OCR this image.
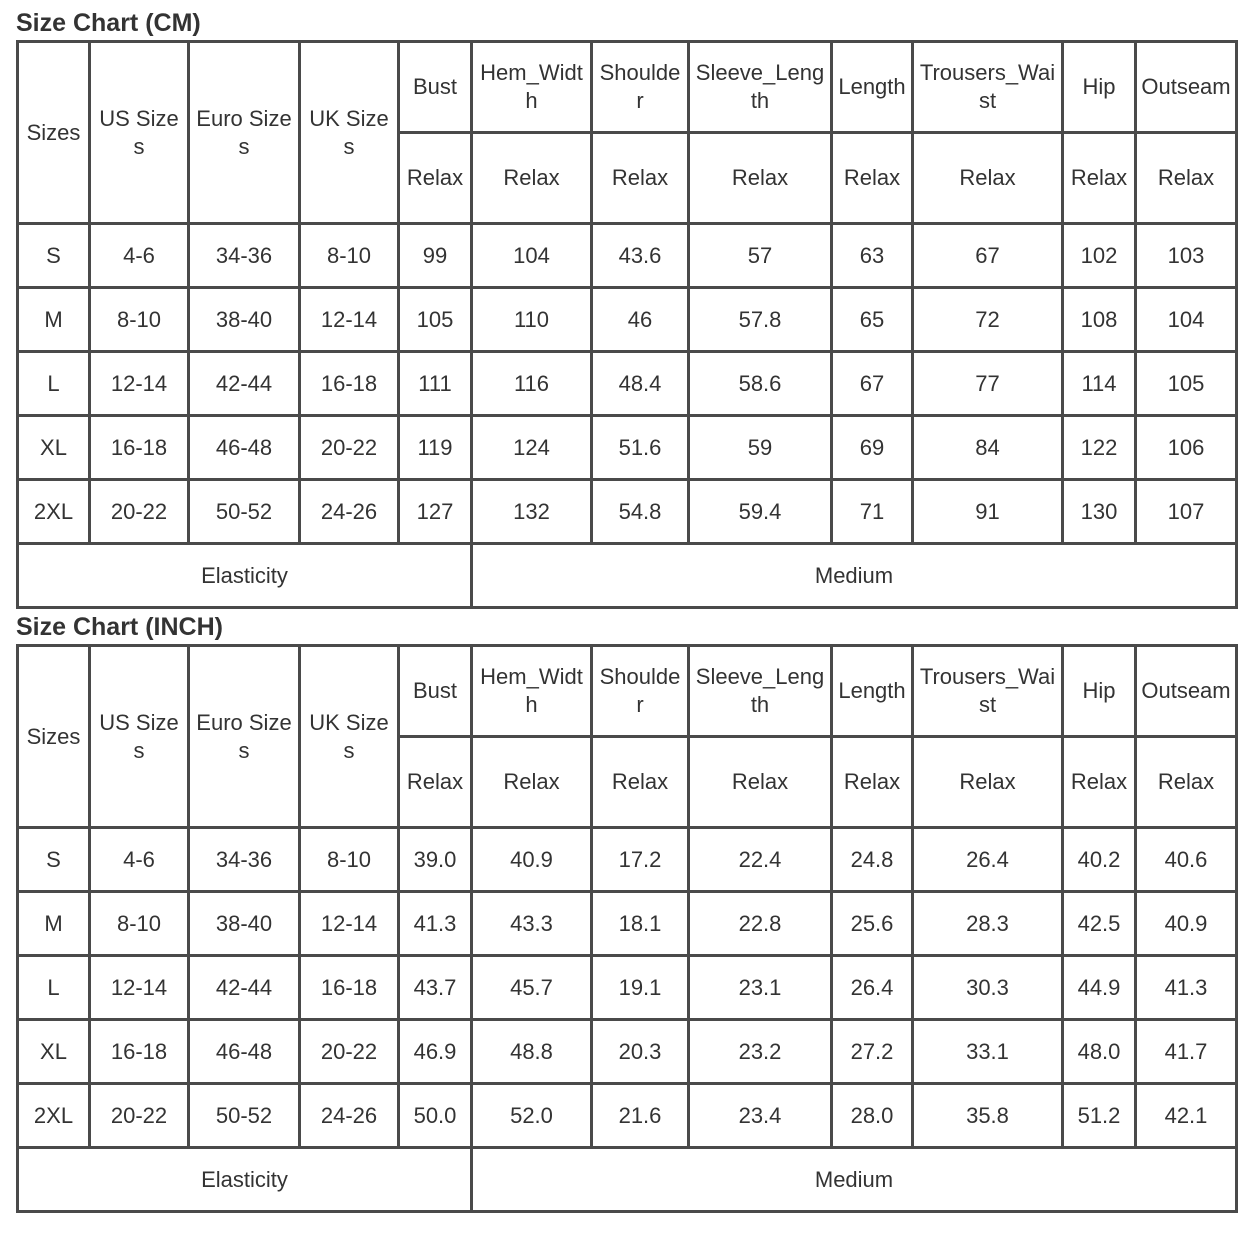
Size Chart (CM)
Sizes	US Sizes	Euro Sizes	UK Sizes	Bust	Hem_Width	Shoulder	Sleeve_Length	Length	Trousers_Waist	Hip	Outseam
				Relax	Relax	Relax	Relax	Relax	Relax	Relax	Relax
S	4-6	34-36	8-10	99	104	43.6	57	63	67	102	103
M	8-10	38-40	12-14	105	110	46	57.8	65	72	108	104
L	12-14	42-44	16-18	111	116	48.4	58.6	67	77	114	105
XL	16-18	46-48	20-22	119	124	51.6	59	69	84	122	106
2XL	20-22	50-52	24-26	127	132	54.8	59.4	71	91	130	107
Elasticity					Medium						
Size Chart (INCH)
Sizes	US Sizes	Euro Sizes	UK Sizes	Bust	Hem_Width	Shoulder	Sleeve_Length	Length	Trousers_Waist	Hip	Outseam
				Relax	Relax	Relax	Relax	Relax	Relax	Relax	Relax
S	4-6	34-36	8-10	39.0	40.9	17.2	22.4	24.8	26.4	40.2	40.6
M	8-10	38-40	12-14	41.3	43.3	18.1	22.8	25.6	28.3	42.5	40.9
L	12-14	42-44	16-18	43.7	45.7	19.1	23.1	26.4	30.3	44.9	41.3
XL	16-18	46-48	20-22	46.9	48.8	20.3	23.2	27.2	33.1	48.0	41.7
2XL	20-22	50-52	24-26	50.0	52.0	21.6	23.4	28.0	35.8	51.2	42.1
Elasticity					Medium						
